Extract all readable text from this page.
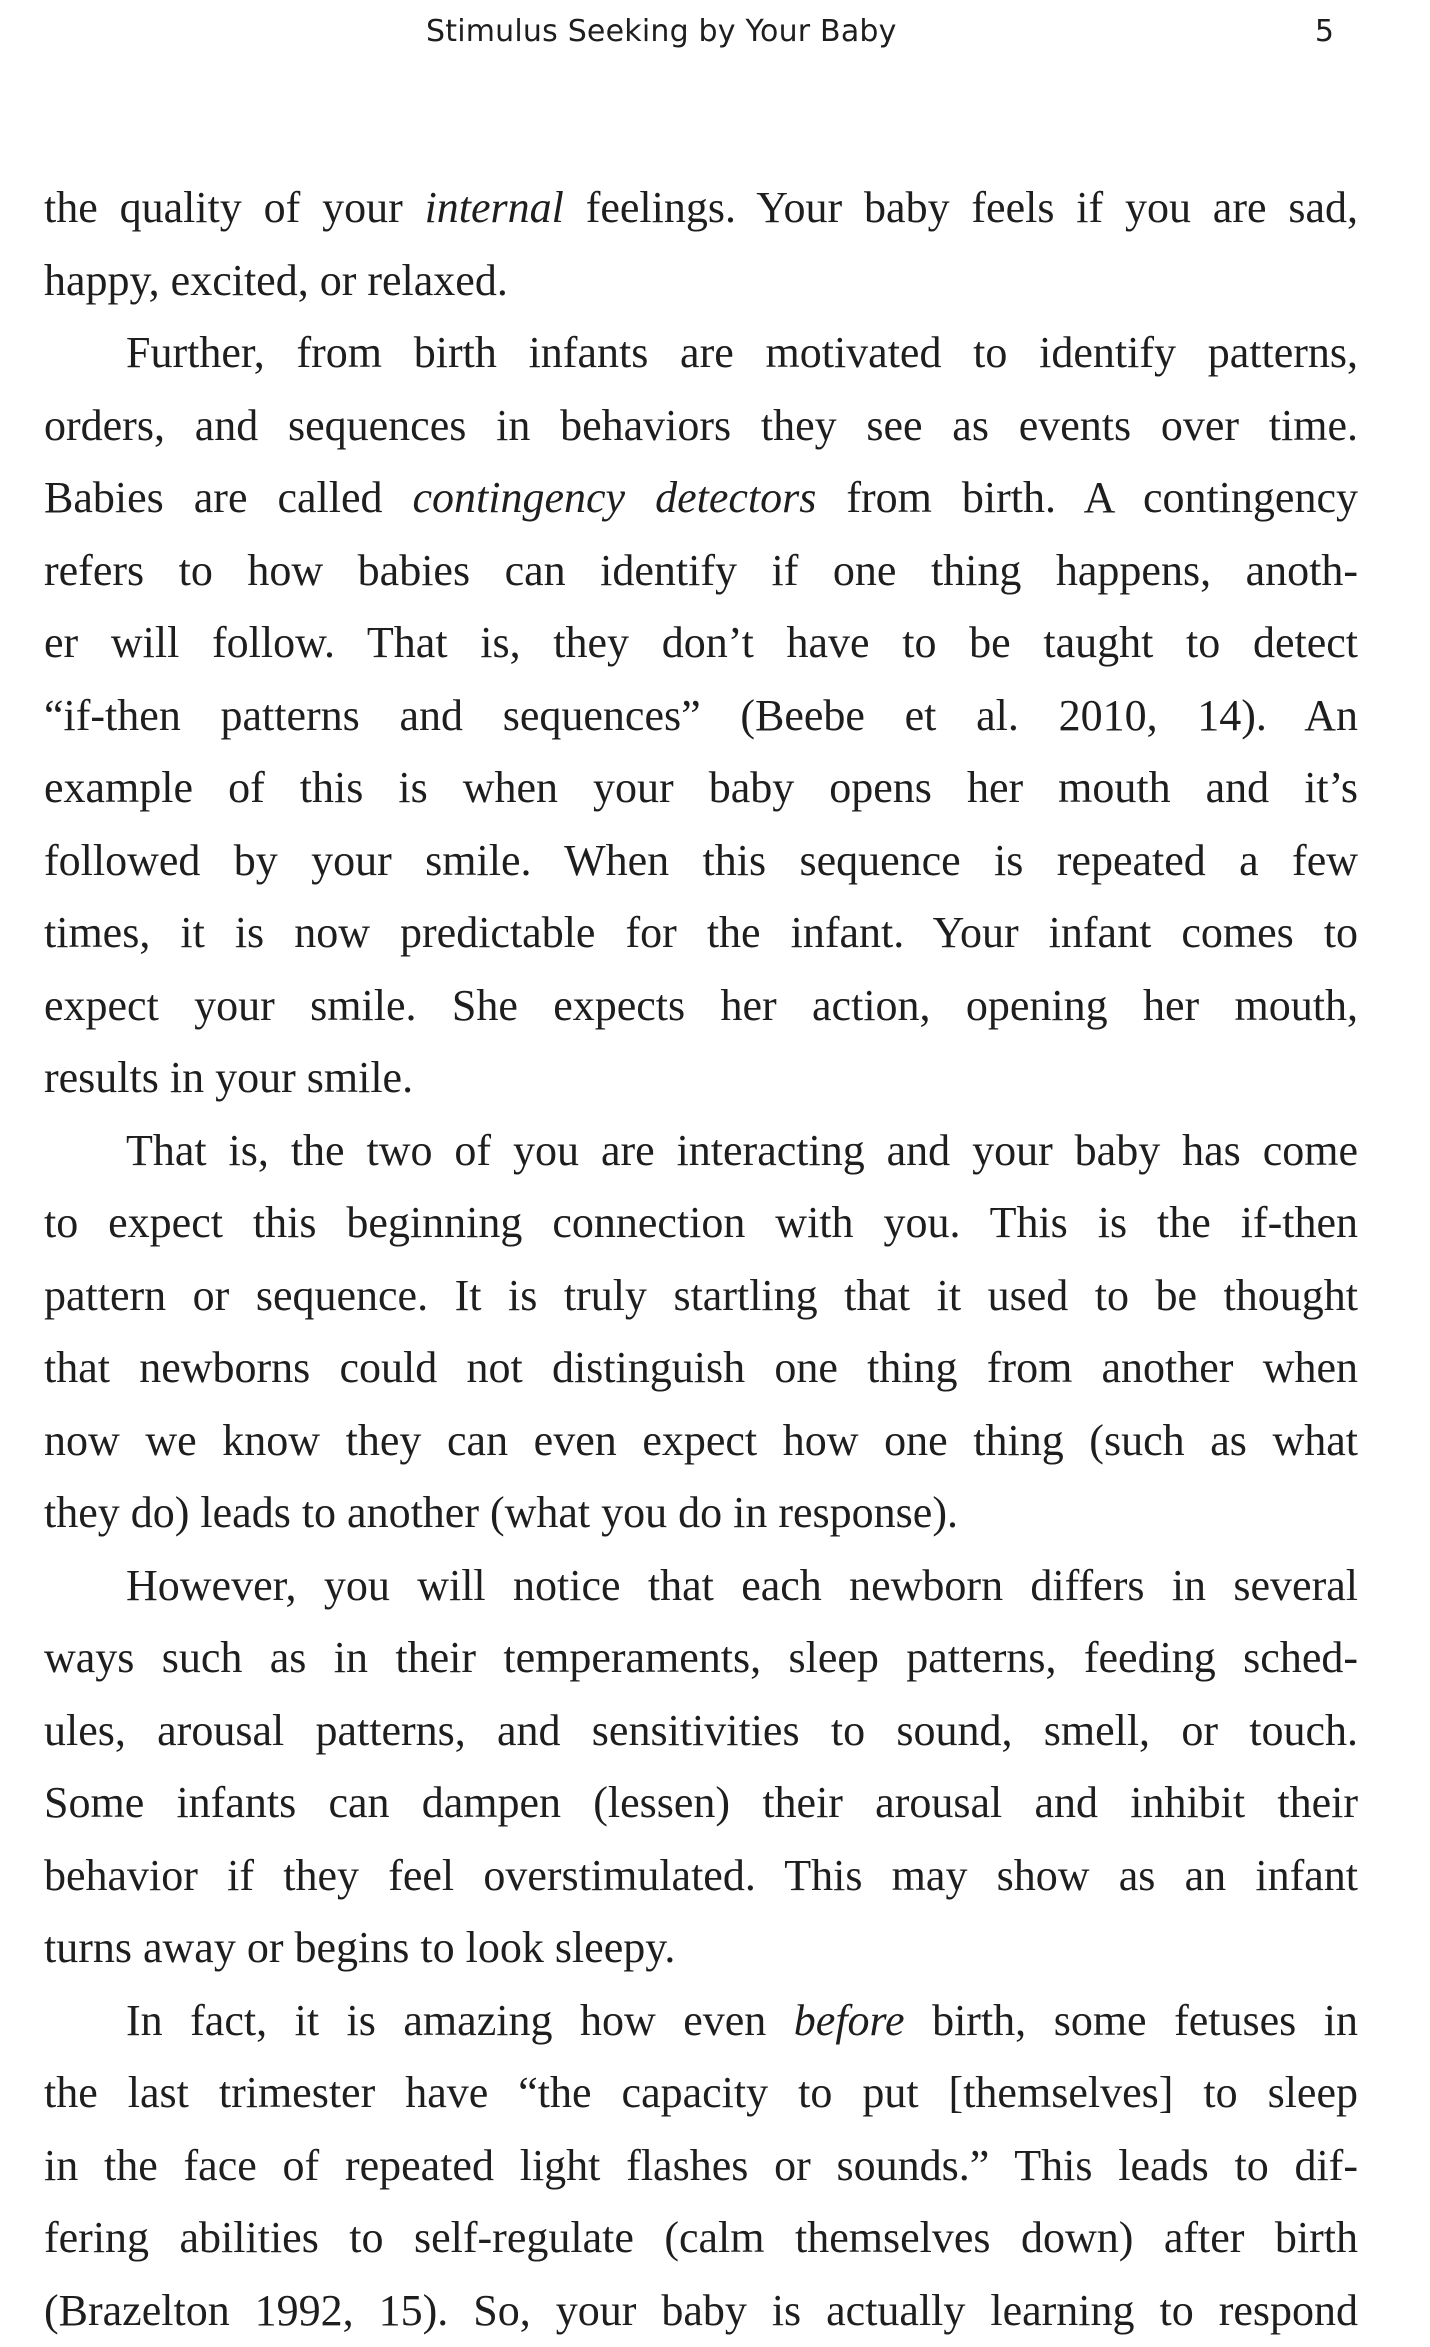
Stimulus Seeking by Your Baby	5
the quality of your internal feelings. Your baby feels if you are sad,
happy, excited, or relaxed.
Further, from birth infants are motivated to identify patterns,
orders, and sequences in behaviors they see as events over time.
Babies are called contingency detectors from birth. A contingency
refers to how babies can identify if one thing happens, anoth-
er will follow. That is, they don’t have to be taught to detect
“if-then patterns and sequences” (Beebe et al. 2010, 14). An
example of this is when your baby opens her mouth and it’s
followed by your smile. When this sequence is repeated a few
times, it is now predictable for the infant. Your infant comes to
expect your smile. She expects her action, opening her mouth,
results in your smile.
That is, the two of you are interacting and your baby has come
to expect this beginning connection with you. This is the if-then
pattern or sequence. It is truly startling that it used to be thought
that newborns could not distinguish one thing from another when
now we know they can even expect how one thing (such as what
they do) leads to another (what you do in response).
However, you will notice that each newborn differs in several
ways such as in their temperaments, sleep patterns, feeding sched-
ules, arousal patterns, and sensitivities to sound, smell, or touch.
Some infants can dampen (lessen) their arousal and inhibit their
behavior if they feel overstimulated. This may show as an infant
turns away or begins to look sleepy.
In fact, it is amazing how even before birth, some fetuses in
the last trimester have “the capacity to put [themselves] to sleep
in the face of repeated light flashes or sounds.” This leads to dif-
fering abilities to self-regulate (calm themselves down) after birth
(Brazelton 1992, 15). So, your baby is actually learning to respond
